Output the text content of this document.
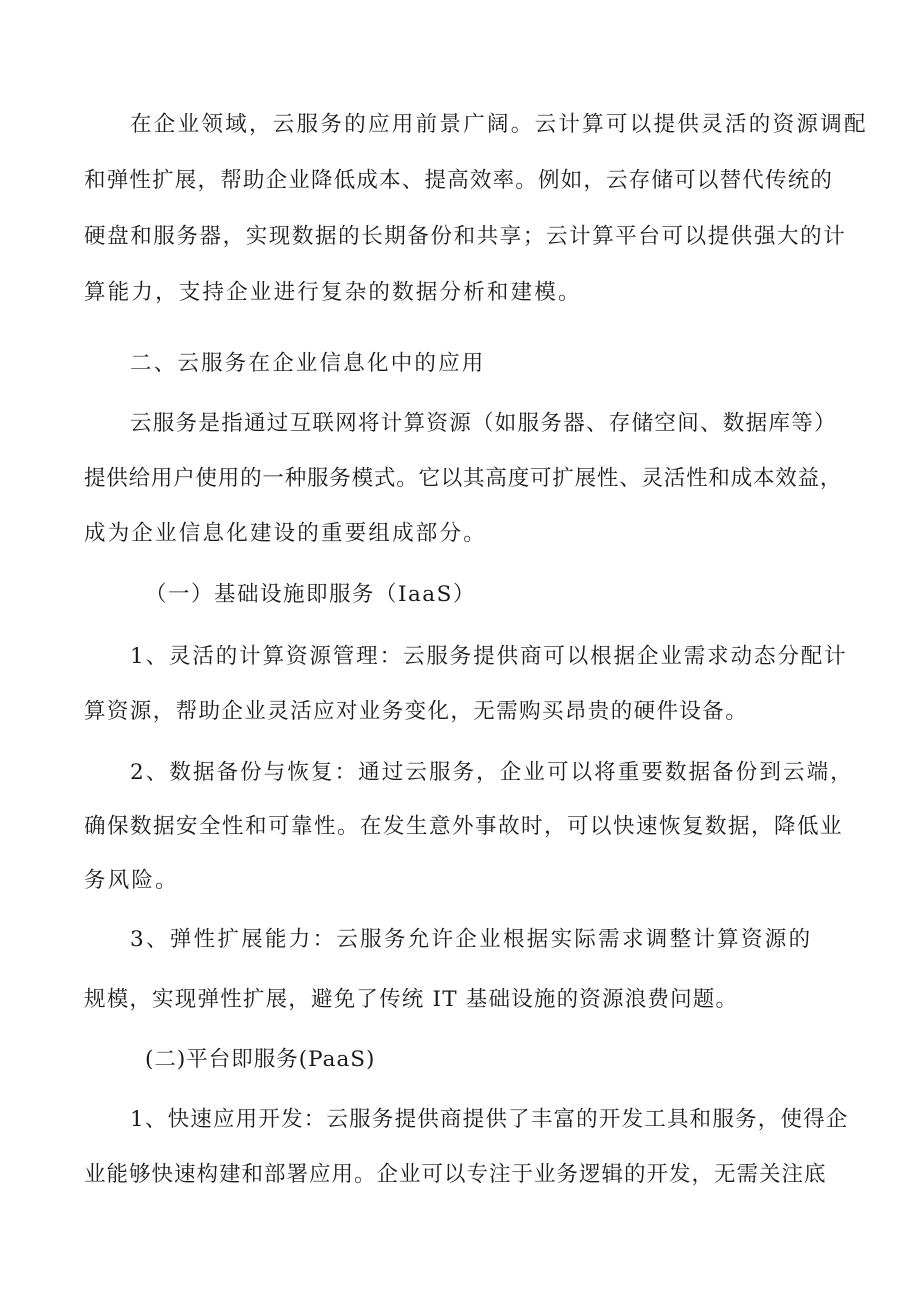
在企业领域，云服务的应用前景广阔。云计算可以提供灵活的资源调配
和弹性扩展，帮助企业降低成本、提高效率。例如，云存储可以替代传统的
硬盘和服务器，实现数据的长期备份和共享；云计算平台可以提供强大的计
算能力，支持企业进行复杂的数据分析和建模。
二、云服务在企业信息化中的应用
云服务是指通过互联网将计算资源（如服务器、存储空间、数据库等）
提供给用户使用的一种服务模式。它以其高度可扩展性、灵活性和成本效益，
成为企业信息化建设的重要组成部分。
（一）基础设施即服务（IaaS）
1、灵活的计算资源管理：云服务提供商可以根据企业需求动态分配计
算资源，帮助企业灵活应对业务变化，无需购买昂贵的硬件设备。
2、数据备份与恢复：通过云服务，企业可以将重要数据备份到云端，
确保数据安全性和可靠性。在发生意外事故时，可以快速恢复数据，降低业
务风险。
3、弹性扩展能力：云服务允许企业根据实际需求调整计算资源的
规模，实现弹性扩展，避免了传统 IT 基础设施的资源浪费问题。
(二)平台即服务(PaaS)
1、快速应用开发：云服务提供商提供了丰富的开发工具和服务，使得企
业能够快速构建和部署应用。企业可以专注于业务逻辑的开发，无需关注底
